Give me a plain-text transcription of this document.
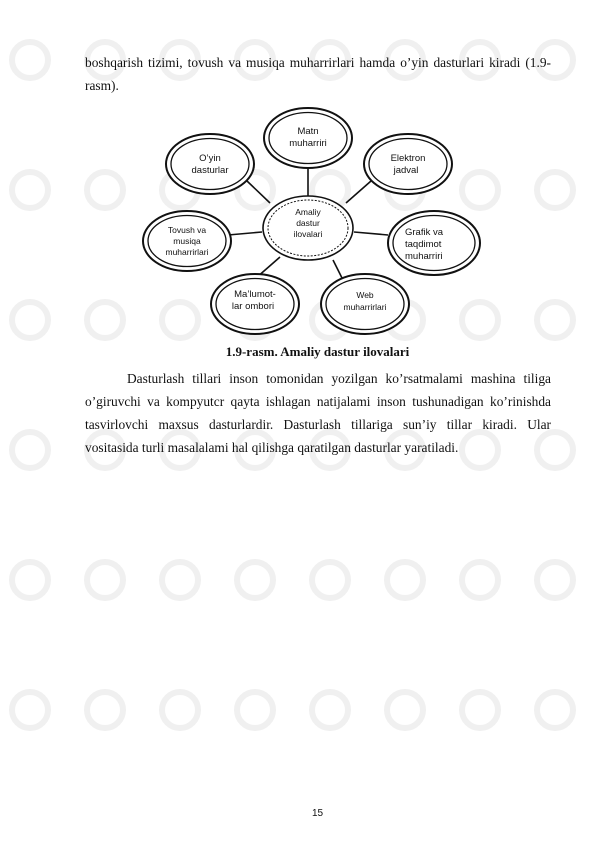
boshqarish tizimi, tovush va musiqa muharrirlari hamda o’yin dasturlari kiradi (1.9- rasm).

Amaliy
dastur
ilovalari
Matn
muharriri
Elektron
jadval
Grafik va
taqdimot
muharriri
Web
muharrirlari
Ma’lumot-
lar ombori
Tovush va
musiqa
muharrirlari
O’yin
dasturlar
1.9-rasm. Amaliy dastur ilovalari

Dasturlash tillari inson tomonidan yozilgan ko’rsatmalami mashina tiliga o’giruvchi va kompyutcr qayta ishlagan natijalami inson tushunadigan ko’rinishda tasvirlovchi maxsus dasturlardir. Dasturlash tillariga sun’iy tillar kiradi. Ular vositasida turli masalalami hal qilishga qaratilgan dasturlar yaratiladi.

15
